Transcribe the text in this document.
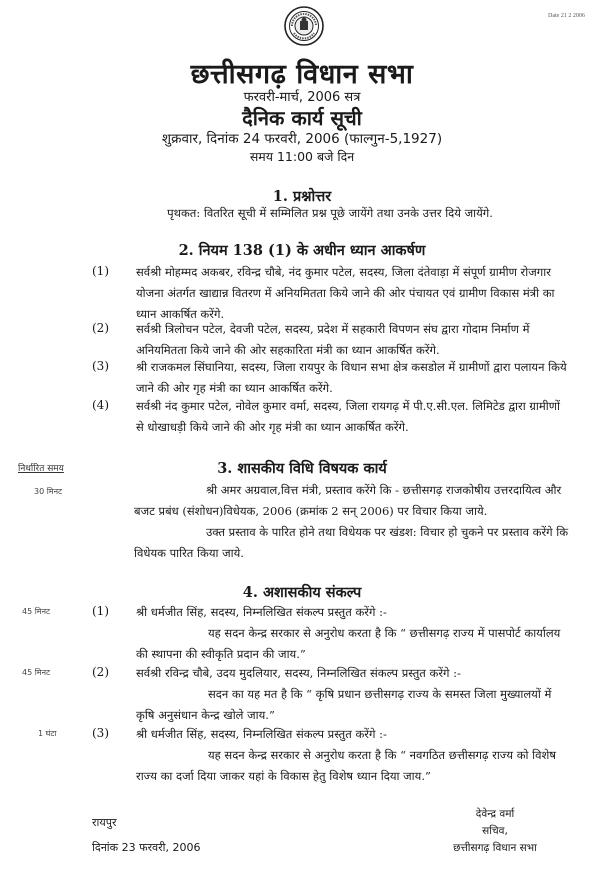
Date 21 2 2006
छत्तीसगढ़ विधान सभा
फरवरी-मार्च, 2006 सत्र
दैनिक कार्य सूची
शुक्रवार, दिनांक 24 फरवरी, 2006 (फाल्गुन-5,1927)
समय 11:00 बजे दिन
1. प्रश्नोत्तर
पृथकत: वितरित सूची में सम्मिलित प्रश्न पूछे जायेंगे तथा उनके उत्तर दिये जायेंगे.
2. नियम 138 (1) के अधीन ध्यान आकर्षण
(1) सर्वश्री मोहम्मद अकबर, रविन्द्र चौबे, नंद कुमार पटेल, सदस्य, जिला दंतेवाड़ा में संपूर्ण ग्रामीण रोजगार योजना अंतर्गत खाद्यान्न वितरण में अनियमितता किये जाने की ओर पंचायत एवं ग्रामीण विकास मंत्री का ध्यान आकर्षित करेंगे.
(2) सर्वश्री त्रिलोचन पटेल, देवजी पटेल, सदस्य, प्रदेश में सहकारी विपणन संघ द्वारा गोदाम निर्माण में अनियमितता किये जाने की ओर सहकारिता मंत्री का ध्यान आकर्षित करेंगे.
(3) श्री राजकमल सिंघानिया, सदस्य, जिला रायपुर के विधान सभा क्षेत्र कसडोल में ग्रामीणों द्वारा पलायन किये जाने की ओर गृह मंत्री का ध्यान आकर्षित करेंगे.
(4) सर्वश्री नंद कुमार पटेल, नोवेल कुमार वर्मा, सदस्य, जिला रायगढ़ में पी.ए.सी.एल. लिमिटेड द्वारा ग्रामीणों से धोखाधड़ी किये जाने की ओर गृह मंत्री का ध्यान आकर्षित करेंगे.
निर्धारित समय	3. शासकीय विधि विषयक कार्य
30 मिनट	श्री अमर अग्रवाल,वित्त मंत्री, प्रस्ताव करेंगे कि - छत्तीसगढ़ राजकोषीय उत्तरदायित्व और बजट प्रबंध (संशोधन)विधेयक, 2006 (क्रमांक 2 सन् 2006) पर विचार किया जाये.
उक्त प्रस्ताव के पारित होने तथा विधेयक पर खंडश: विचार हो चुकने पर प्रस्ताव करेंगे कि विधेयक पारित किया जाये.
4. अशासकीय संकल्प
45 मिनट	(1) श्री धर्मजीत सिंह, सदस्य, निम्नलिखित संकल्प प्रस्तुत करेंगे :-
यह सदन केन्द्र सरकार से अनुरोध करता है कि “ छत्तीसगढ़ राज्य में पासपोर्ट कार्यालय की स्थापना की स्वीकृति प्रदान की जाय.”
45 मिनट	(2) सर्वश्री रविन्द्र चौबे, उदय मुदलियार, सदस्य, निम्नलिखित संकल्प प्रस्तुत करेंगे :-
सदन का यह मत है कि “ कृषि प्रधान छत्तीसगढ़ राज्य के समस्त जिला मुख्यालयों में कृषि अनुसंधान केन्द्र खोले जाय.”
1 घंटा	(3) श्री धर्मजीत सिंह, सदस्य, निम्नलिखित संकल्प प्रस्तुत करेंगे :-
यह सदन केन्द्र सरकार से अनुरोध करता है कि “ नवगठित छत्तीसगढ़ राज्य को विशेष राज्य का दर्जा दिया जाकर यहां के विकास हेतु विशेष ध्यान दिया जाय.”
रायपुर
दिनांक 23 फरवरी, 2006
देवेन्द्र वर्मा
सचिव,
छत्तीसगढ़ विधान सभा
